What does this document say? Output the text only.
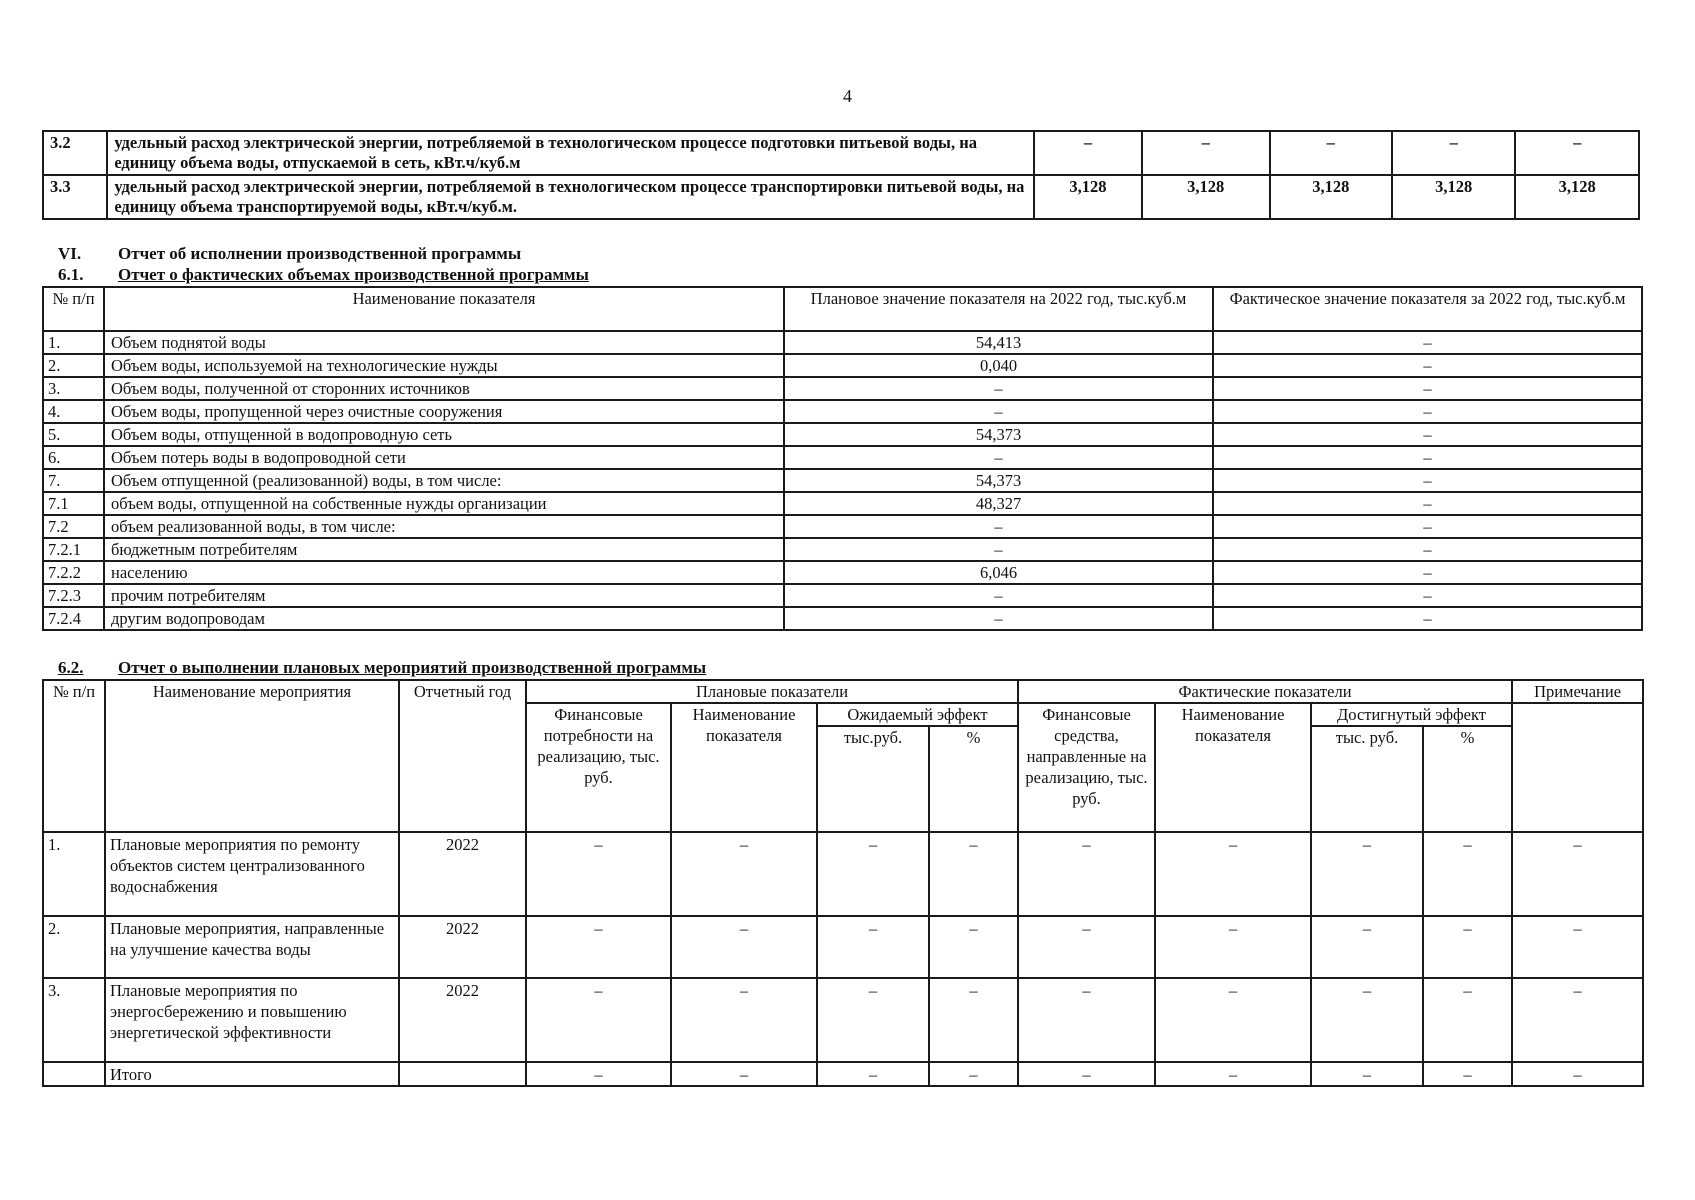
4
3.2	удельный расход электрической энергии, потребляемой в технологическом процессе подготовки питьевой воды, на единицу объема воды, отпускаемой в сеть, кВт.ч/куб.м	–	–	–	–	–
3.3	удельный расход электрической энергии, потребляемой в технологическом процессе транспортировки питьевой воды, на единицу объема транспортируемой воды, кВт.ч/куб.м.	3,128	3,128	3,128	3,128	3,128
VI. Отчет об исполнении производственной программы
6.1. Отчет о фактических объемах производственной программы
№ п/п	Наименование показателя	Плановое значение показателя на 2022 год, тыс.куб.м	Фактическое значение показателя за 2022 год, тыс.куб.м
1.	Объем поднятой воды	54,413	–
2.	Объем воды, используемой на технологические нужды	0,040	–
3.	Объем воды, полученной от сторонних источников	–	–
4.	Объем воды, пропущенной через очистные сооружения	–	–
5.	Объем воды, отпущенной в водопроводную сеть	54,373	–
6.	Объем потерь воды в водопроводной сети	–	–
7.	Объем отпущенной (реализованной) воды, в том числе:	54,373	–
7.1	объем воды, отпущенной на собственные нужды организации	48,327	–
7.2	объем реализованной воды, в том числе:	–	–
7.2.1	бюджетным потребителям	–	–
7.2.2	населению	6,046	–
7.2.3	прочим потребителям	–	–
7.2.4	другим водопроводам	–	–
6.2. Отчет о выполнении плановых мероприятий производственной программы
№ п/п	Наименование мероприятия	Отчетный год	Плановые показатели				Фактические показатели				Примечание
			Финансовые потребности на реализацию, тыс. руб.	Наименование показателя	Ожидаемый эффект		Финансовые средства, направленные на реализацию, тыс. руб.	Наименование показателя	Достигнутый эффект		
					тыс.руб.	%			тыс. руб.	%	
1.	Плановые мероприятия по ремонту объектов систем централизованного водоснабжения	2022	–	–	–	–	–	–	–	–	–
2.	Плановые мероприятия, направленные на улучшение качества воды	2022	–	–	–	–	–	–	–	–	–
3.	Плановые мероприятия по энергосбережению и повышению энергетической эффективности	2022	–	–	–	–	–	–	–	–	–
	Итого		–	–	–	–	–	–	–	–	–
